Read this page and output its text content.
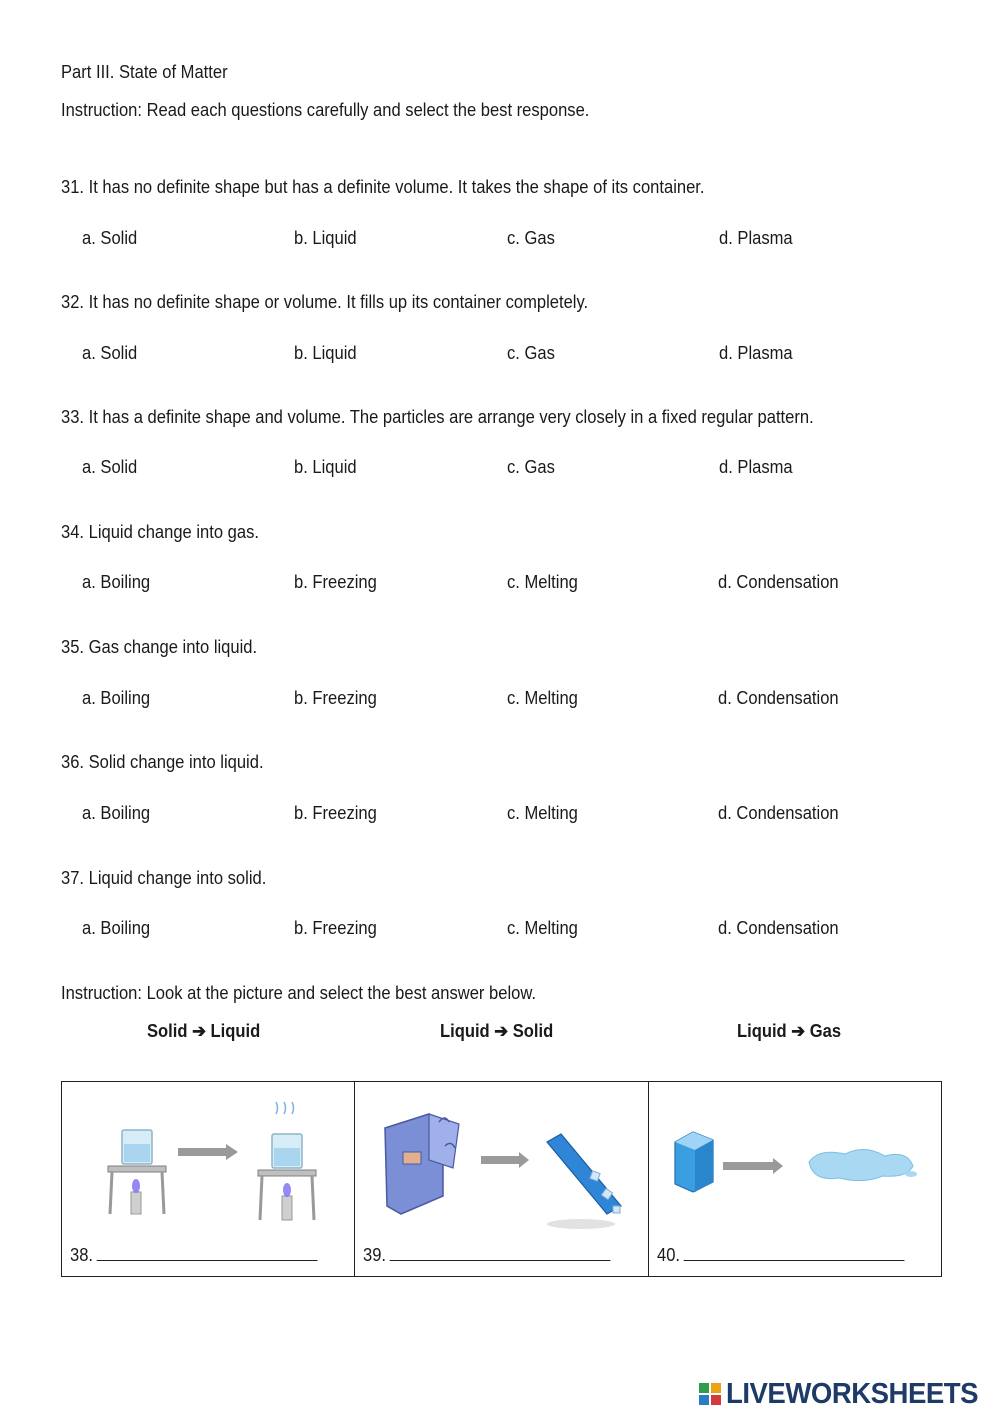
Part III. State of Matter
Instruction: Read each questions carefully and select the best response.
31. It has no definite shape but has a definite volume. It takes the shape of its container.
a. Solid	b. Liquid	c. Gas	d. Plasma
32. It has no definite shape or volume. It fills up its container completely.
a. Solid	b. Liquid	c. Gas	d. Plasma
33. It has a definite shape and volume. The particles are arrange very closely in a fixed regular pattern.
a. Solid	b. Liquid	c. Gas	d. Plasma
34. Liquid change into gas.
a. Boiling	b. Freezing	c. Melting	d. Condensation
35. Gas change into liquid.
a. Boiling	b. Freezing	c. Melting	d. Condensation
36. Solid change into liquid.
a. Boiling	b. Freezing	c. Melting	d. Condensation
37. Liquid change into solid.
a. Boiling	b. Freezing	c. Melting	d. Condensation
Instruction: Look at the picture and select the best answer below.
Solid ➔ Liquid	Liquid ➔ Solid	Liquid ➔ Gas
38.	39.	40.
LIVEWORKSHEETS
